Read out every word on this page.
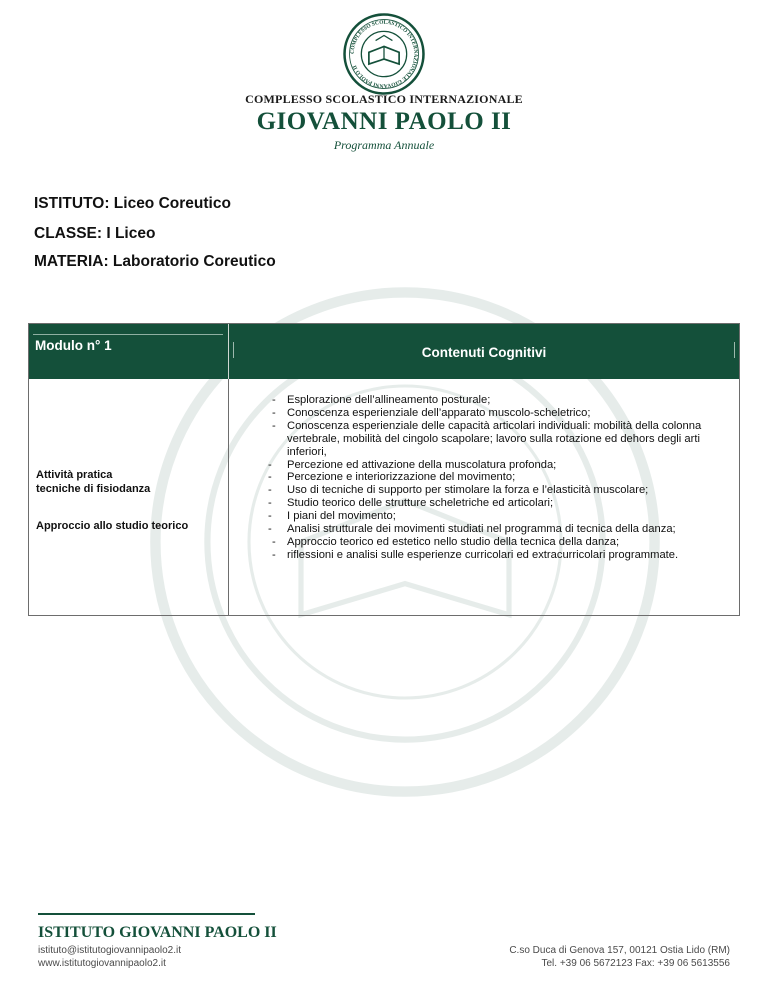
COMPLESSO SCOLASTICO INTERNAZIONALE GIOVANNI PAOLO II
COMPLESSO SCOLASTICO INTERNAZIONALE
GIOVANNI PAOLO II
Programma Annuale
ISTITUTO: Liceo Coreutico
CLASSE: I Liceo
MATERIA: Laboratorio Coreutico
Modulo n° 1	Contenuti Cognitivi
Attività pratica
tecniche di fisiodanza
Approccio allo studio teorico
- Esplorazione dell’allineamento posturale;
- Conoscenza esperienziale dell’apparato muscolo-scheletrico;
- Conoscenza esperienziale delle capacità articolari individuali: mobilità della colonna vertebrale, mobilità del cingolo scapolare; lavoro sulla rotazione ed dehors degli arti inferiori,
- Percezione ed attivazione della muscolatura profonda;
- Percezione e interiorizzazione del movimento;
- Uso di tecniche di supporto per stimolare la forza e l’elasticità muscolare;
- Studio teorico delle strutture scheletriche ed articolari;
- I piani del movimento;
- Analisi strutturale dei movimenti studiati nel programma di tecnica della danza;
- Approccio teorico ed estetico nello studio della tecnica della danza;
- riflessioni e analisi sulle esperienze curricolari ed extracurricolari programmate.
ISTITUTO GIOVANNI PAOLO II
istituto@istitutogiovannipaolo2.it
www.istitutogiovannipaolo2.it
C.so Duca di Genova 157, 00121 Ostia Lido (RM)
Tel. +39 06 5672123 Fax: +39 06 5613556
